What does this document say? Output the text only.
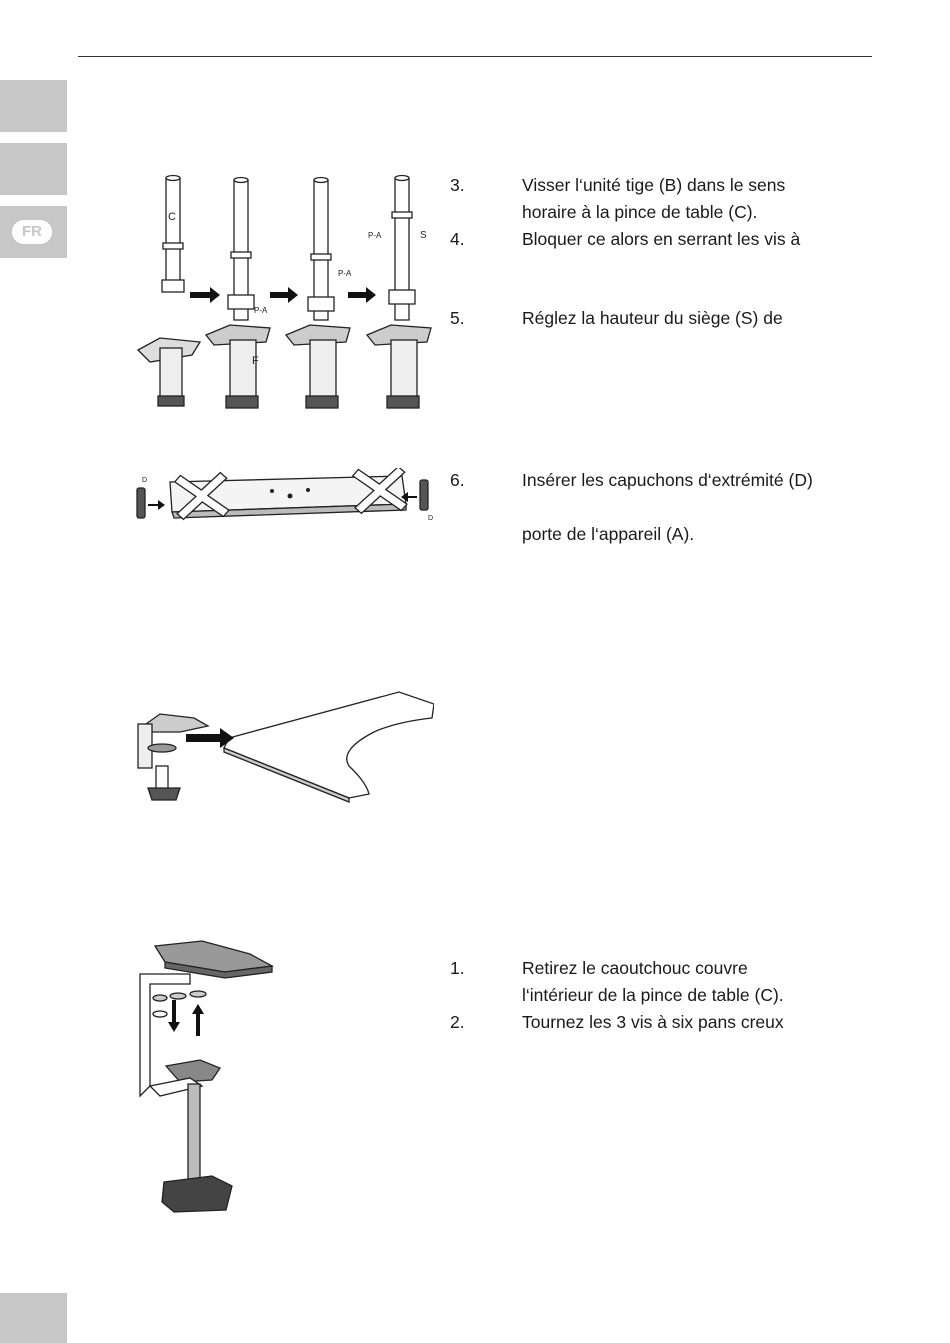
FR
C
P-A
F
P-A
P-A	S
D
D
3.	Visser l‘unité tige (B) dans le sens
horaire à la pince de table (C).
4.	Bloquer ce alors en serrant les vis à
5.	Réglez la hauteur du siège (S) de
6.	Insérer les capuchons d‘extrémité (D)
porte de l‘appareil (A).
1.	Retirez le caoutchouc couvre
l‘intérieur de la pince de table (C).
2.	Tournez les 3 vis à six pans creux
